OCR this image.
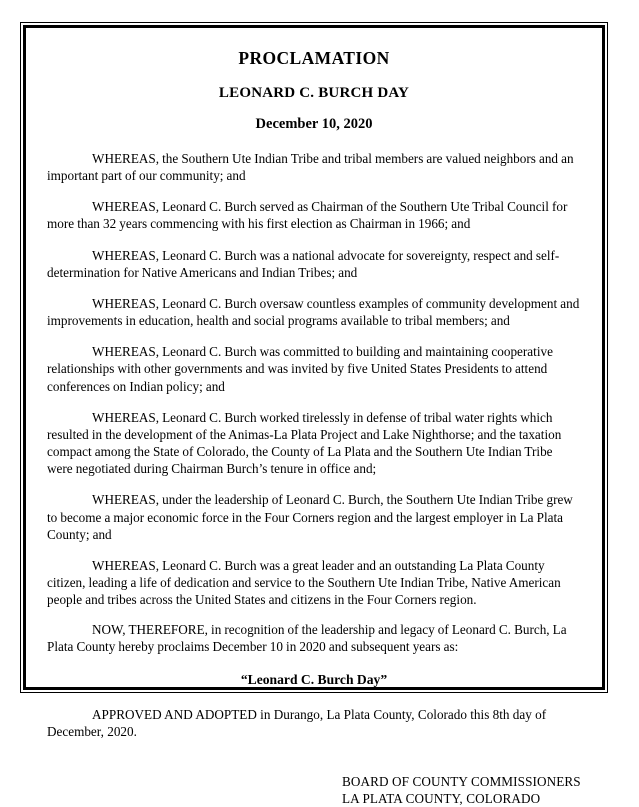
PROCLAMATION
LEONARD C. BURCH DAY
December 10, 2020

WHEREAS, the Southern Ute Indian Tribe and tribal members are valued neighbors and an important part of our community; and

WHEREAS, Leonard C. Burch served as Chairman of the Southern Ute Tribal Council for more than 32 years commencing with his first election as Chairman in 1966; and

WHEREAS, Leonard C. Burch was a national advocate for sovereignty, respect and self-determination for Native Americans and Indian Tribes; and

WHEREAS, Leonard C. Burch oversaw countless examples of community development and improvements in education, health and social programs available to tribal members; and

WHEREAS, Leonard C. Burch was committed to building and maintaining cooperative relationships with other governments and was invited by five United States Presidents to attend conferences on Indian policy; and

WHEREAS, Leonard C. Burch worked tirelessly in defense of tribal water rights which resulted in the development of the Animas-La Plata Project and Lake Nighthorse; and the taxation compact among the State of Colorado, the County of La Plata and the Southern Ute Indian Tribe were negotiated during Chairman Burch’s tenure in office and;

WHEREAS, under the leadership of Leonard C. Burch, the Southern Ute Indian Tribe grew to become a major economic force in the Four Corners region and the largest employer in La Plata County; and

WHEREAS, Leonard C. Burch was a great leader and an outstanding La Plata County citizen, leading a life of dedication and service to the Southern Ute Indian Tribe, Native American people and tribes across the United States and citizens in the Four Corners region.

NOW, THEREFORE, in recognition of the leadership and legacy of Leonard C. Burch, La Plata County hereby proclaims December 10 in 2020 and subsequent years as:

“Leonard C. Burch Day”

APPROVED AND ADOPTED in Durango, La Plata County, Colorado this 8th day of December, 2020.

BOARD OF COUNTY COMMISSIONERS
LA PLATA COUNTY, COLORADO
